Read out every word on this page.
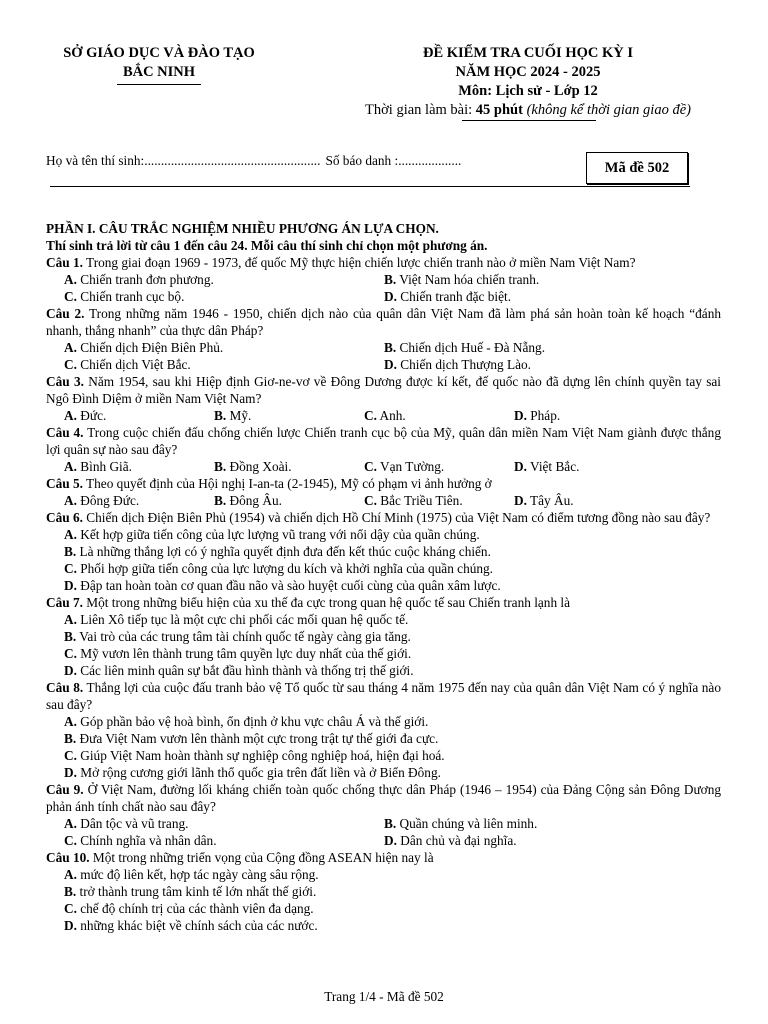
SỞ GIÁO DỤC VÀ ĐÀO TẠO
BẮC NINH
ĐỀ KIỂM TRA CUỐI HỌC KỲ I
NĂM HỌC 2024 - 2025
Môn: Lịch sử - Lớp 12
Thời gian làm bài: 45 phút (không kể thời gian giao đề)
Họ và tên thí sinh:..................................................... Số báo danh :...................	Mã đề 502
PHẦN I. CÂU TRẮC NGHIỆM NHIỀU PHƯƠNG ÁN LỰA CHỌN.
Thí sinh trả lời từ câu 1 đến câu 24. Mỗi câu thí sinh chỉ chọn một phương án.
Câu 1. Trong giai đoạn 1969 - 1973, đế quốc Mỹ thực hiện chiến lược chiến tranh nào ở miền Nam Việt Nam?
A. Chiến tranh đơn phương.	B. Việt Nam hóa chiến tranh.
C. Chiến tranh cục bộ.	D. Chiến tranh đặc biệt.
Câu 2. Trong những năm 1946 - 1950, chiến dịch nào của quân dân Việt Nam đã làm phá sản hoàn toàn kế hoạch “đánh nhanh, thắng nhanh” của thực dân Pháp?
A. Chiến dịch Điện Biên Phủ.	B. Chiến dịch Huế - Đà Nẵng.
C. Chiến dịch Việt Bắc.	D. Chiến dịch Thượng Lào.
Câu 3. Năm 1954, sau khi Hiệp định Giơ-ne-vơ về Đông Dương được kí kết, đế quốc nào đã dựng lên chính quyền tay sai Ngô Đình Diệm ở miền Nam Việt Nam?
A. Đức.	B. Mỹ.	C. Anh.	D. Pháp.
Câu 4. Trong cuộc chiến đấu chống chiến lược Chiến tranh cục bộ của Mỹ, quân dân miền Nam Việt Nam giành được thắng lợi quân sự nào sau đây?
A. Bình Giã.	B. Đồng Xoài.	C. Vạn Tường.	D. Việt Bắc.
Câu 5. Theo quyết định của Hội nghị I-an-ta (2-1945), Mỹ có phạm vi ảnh hưởng ở
A. Đông Đức.	B. Đông Âu.	C. Bắc Triều Tiên.	D. Tây Âu.
Câu 6. Chiến dịch Điện Biên Phủ (1954) và chiến dịch Hồ Chí Minh (1975) của Việt Nam có điểm tương đồng nào sau đây?
A. Kết hợp giữa tiến công của lực lượng vũ trang với nổi dậy của quần chúng.
B. Là những thắng lợi có ý nghĩa quyết định đưa đến kết thúc cuộc kháng chiến.
C. Phối hợp giữa tiến công của lực lượng du kích và khởi nghĩa của quần chúng.
D. Đập tan hoàn toàn cơ quan đầu não và sào huyệt cuối cùng của quân xâm lược.
Câu 7. Một trong những biểu hiện của xu thế đa cực trong quan hệ quốc tế sau Chiến tranh lạnh là
A. Liên Xô tiếp tục là một cực chi phối các mối quan hệ quốc tế.
B. Vai trò của các trung tâm tài chính quốc tế ngày càng gia tăng.
C. Mỹ vươn lên thành trung tâm quyền lực duy nhất của thế giới.
D. Các liên minh quân sự bắt đầu hình thành và thống trị thế giới.
Câu 8. Thắng lợi của cuộc đấu tranh bảo vệ Tổ quốc từ sau tháng 4 năm 1975 đến nay của quân dân Việt Nam có ý nghĩa nào sau đây?
A. Góp phần bảo vệ hoà bình, ổn định ở khu vực châu Á và thế giới.
B. Đưa Việt Nam vươn lên thành một cực trong trật tự thế giới đa cực.
C. Giúp Việt Nam hoàn thành sự nghiệp công nghiệp hoá, hiện đại hoá.
D. Mở rộng cương giới lãnh thổ quốc gia trên đất liền và ở Biển Đông.
Câu 9. Ở Việt Nam, đường lối kháng chiến toàn quốc chống thực dân Pháp (1946 – 1954) của Đảng Cộng sản Đông Dương phản ánh tính chất nào sau đây?
A. Dân tộc và vũ trang.	B. Quần chúng và liên minh.
C. Chính nghĩa và nhân dân.	D. Dân chủ và đại nghĩa.
Câu 10. Một trong những triển vọng của Cộng đồng ASEAN hiện nay là
A. mức độ liên kết, hợp tác ngày càng sâu rộng.
B. trở thành trung tâm kinh tế lớn nhất thế giới.
C. chế độ chính trị của các thành viên đa dạng.
D. những khác biệt về chính sách của các nước.
Trang 1/4 - Mã đề 502
